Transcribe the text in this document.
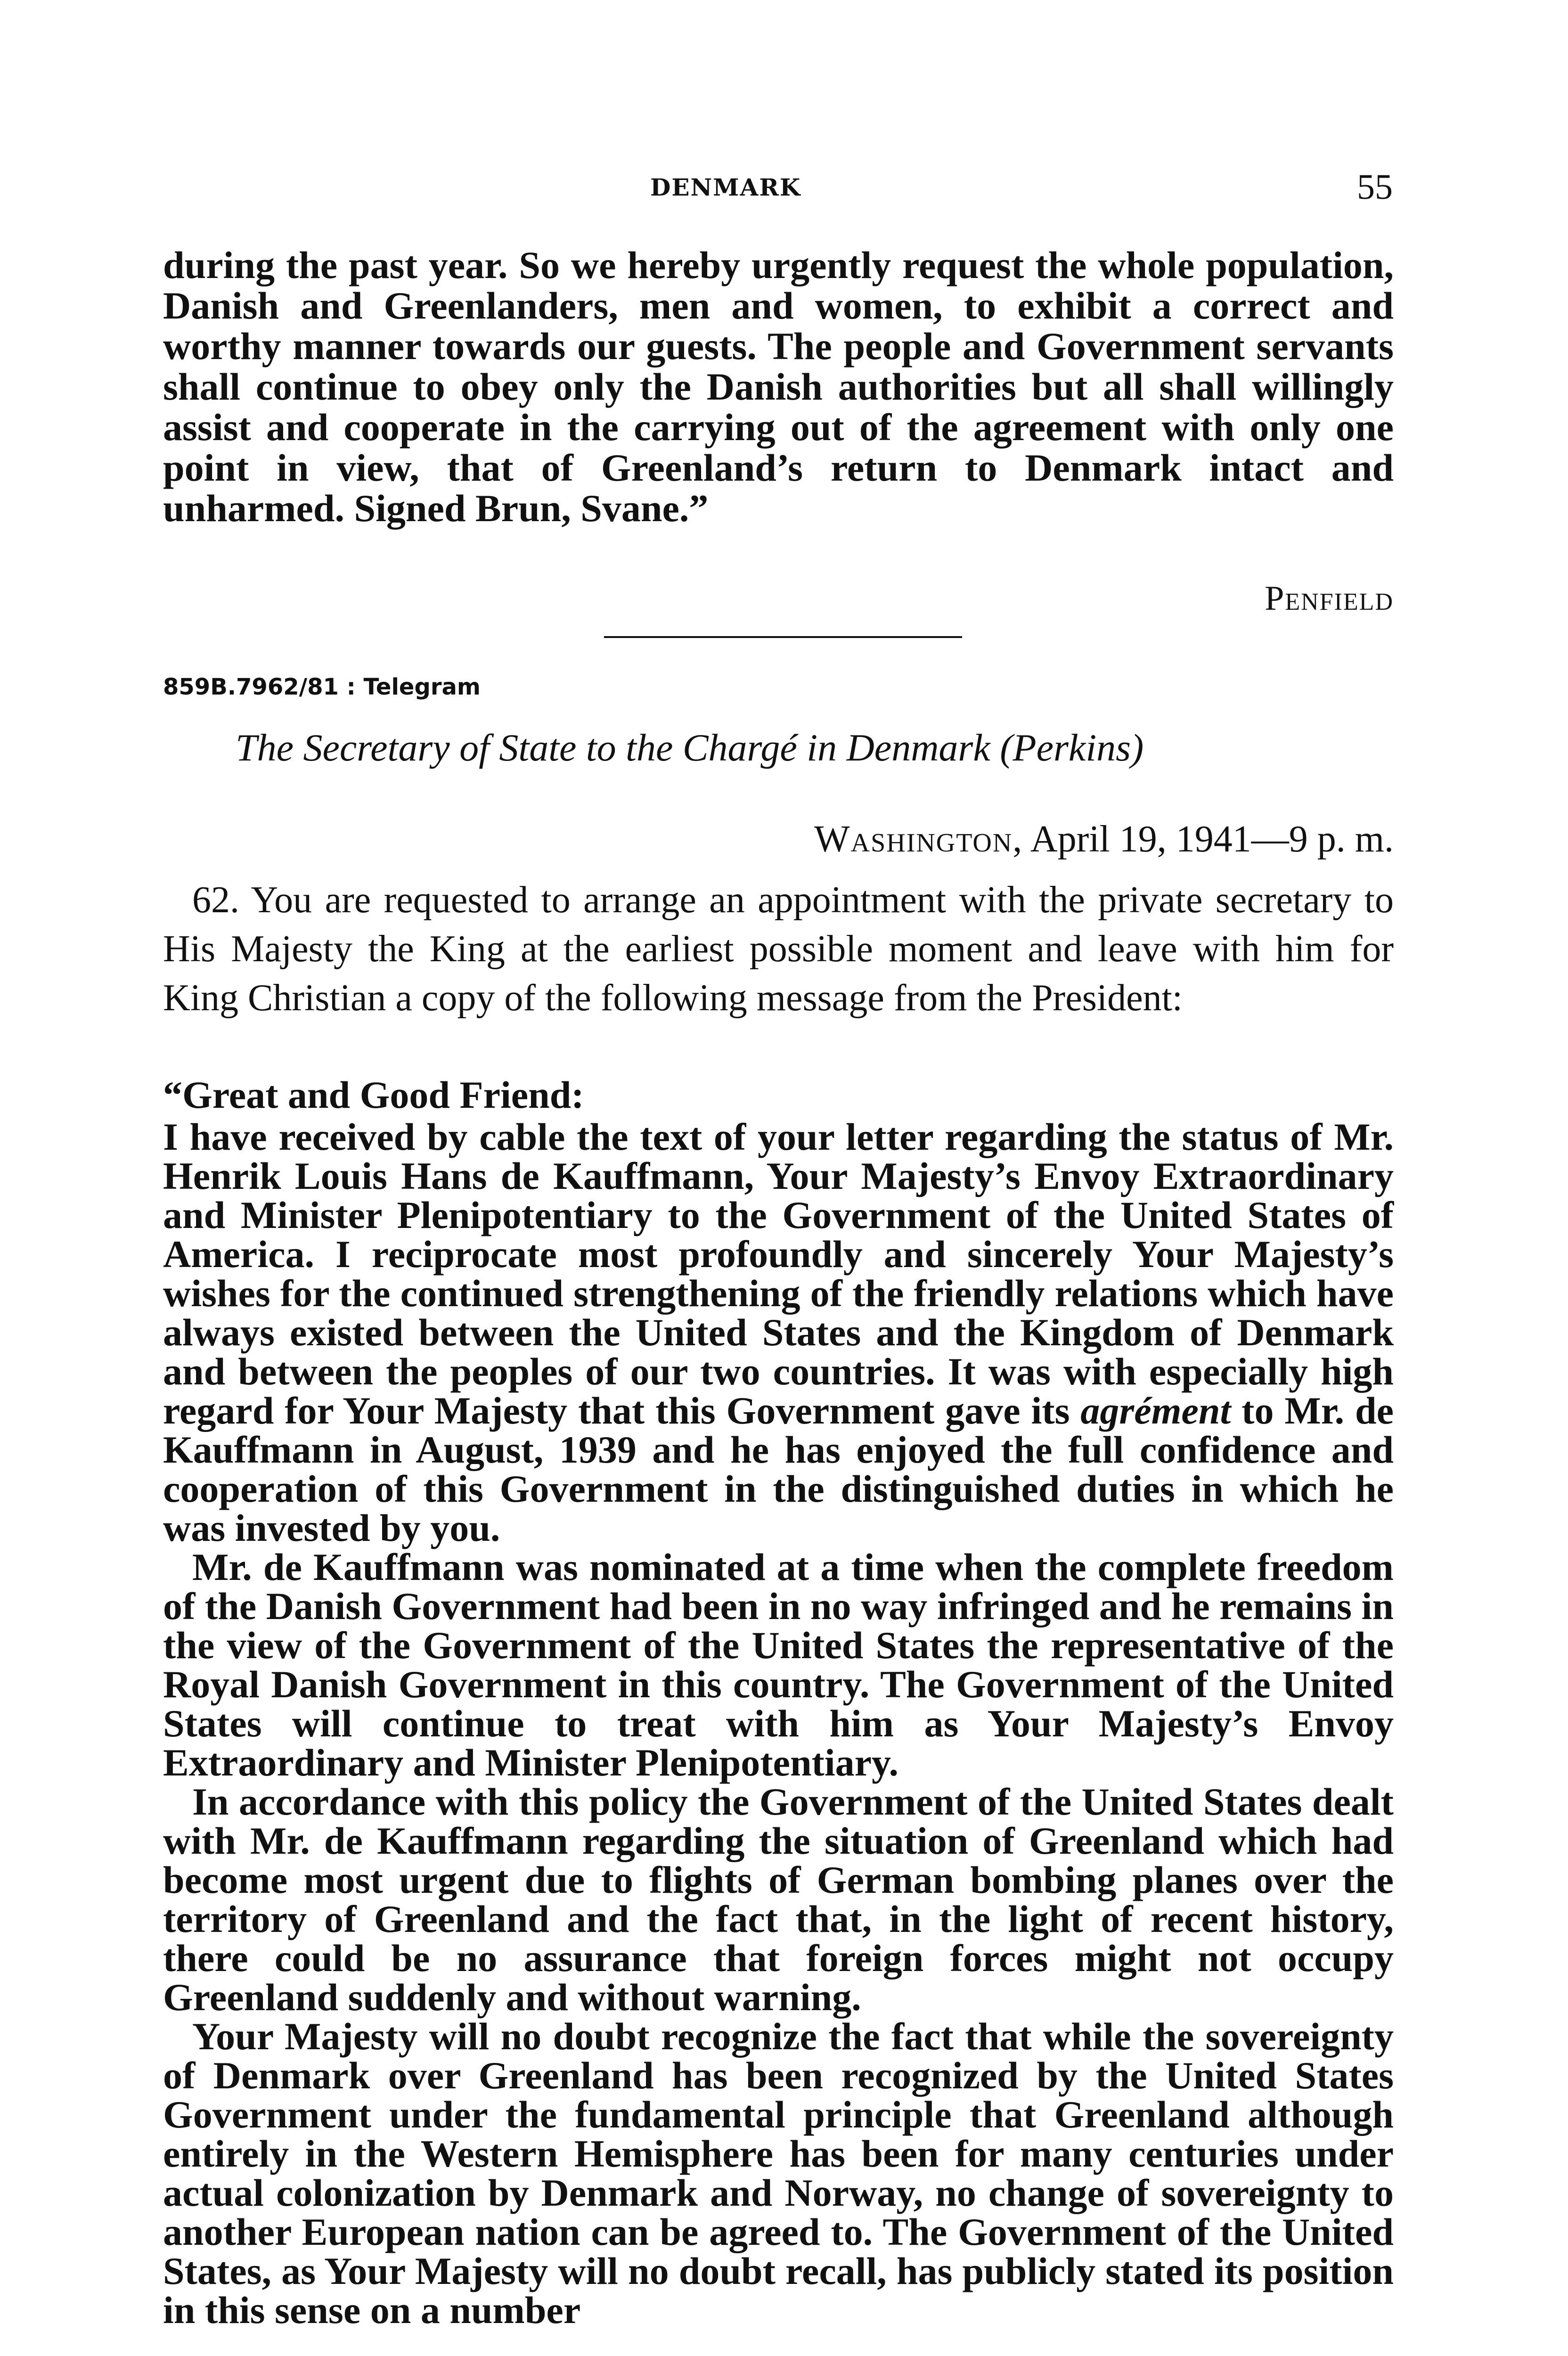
DENMARK	55

during the past year. So we hereby urgently request the whole population, Danish and Greenlanders, men and women, to exhibit a correct and worthy manner towards our guests. The people and Government servants shall continue to obey only the Danish authorities but all shall willingly assist and cooperate in the carrying out of the agreement with only one point in view, that of Greenland’s return to Denmark intact and unharmed. Signed Brun, Svane.”

Penfield
859B.7962/81 : Telegram
The Secretary of State to the Chargé in Denmark (Perkins)
Washington, April 19, 1941—9 p. m.

62. You are requested to arrange an appointment with the private secretary to His Majesty the King at the earliest possible moment and leave with him for King Christian a copy of the following message from the President:

“Great and Good Friend:

I have received by cable the text of your letter regarding the status of Mr. Henrik Louis Hans de Kauffmann, Your Majesty’s Envoy Extraordinary and Minister Plenipotentiary to the Government of the United States of America. I reciprocate most profoundly and sincerely Your Majesty’s wishes for the continued strengthening of the friendly relations which have always existed between the United States and the Kingdom of Denmark and between the peoples of our two countries. It was with especially high regard for Your Majesty that this Government gave its agrément to Mr. de Kauffmann in August, 1939 and he has enjoyed the full confidence and cooperation of this Government in the distinguished duties in which he was invested by you.

Mr. de Kauffmann was nominated at a time when the complete freedom of the Danish Government had been in no way infringed and he remains in the view of the Government of the United States the representative of the Royal Danish Government in this country. The Government of the United States will continue to treat with him as Your Majesty’s Envoy Extraordinary and Minister Plenipotentiary.

In accordance with this policy the Government of the United States dealt with Mr. de Kauffmann regarding the situation of Greenland which had become most urgent due to flights of German bombing planes over the territory of Greenland and the fact that, in the light of recent history, there could be no assurance that foreign forces might not occupy Greenland suddenly and without warning.

Your Majesty will no doubt recognize the fact that while the sovereignty of Denmark over Greenland has been recognized by the United States Government under the fundamental principle that Greenland although entirely in the Western Hemisphere has been for many centuries under actual colonization by Denmark and Norway, no change of sovereignty to another European nation can be agreed to. The Government of the United States, as Your Majesty will no doubt recall, has publicly stated its position in this sense on a number
